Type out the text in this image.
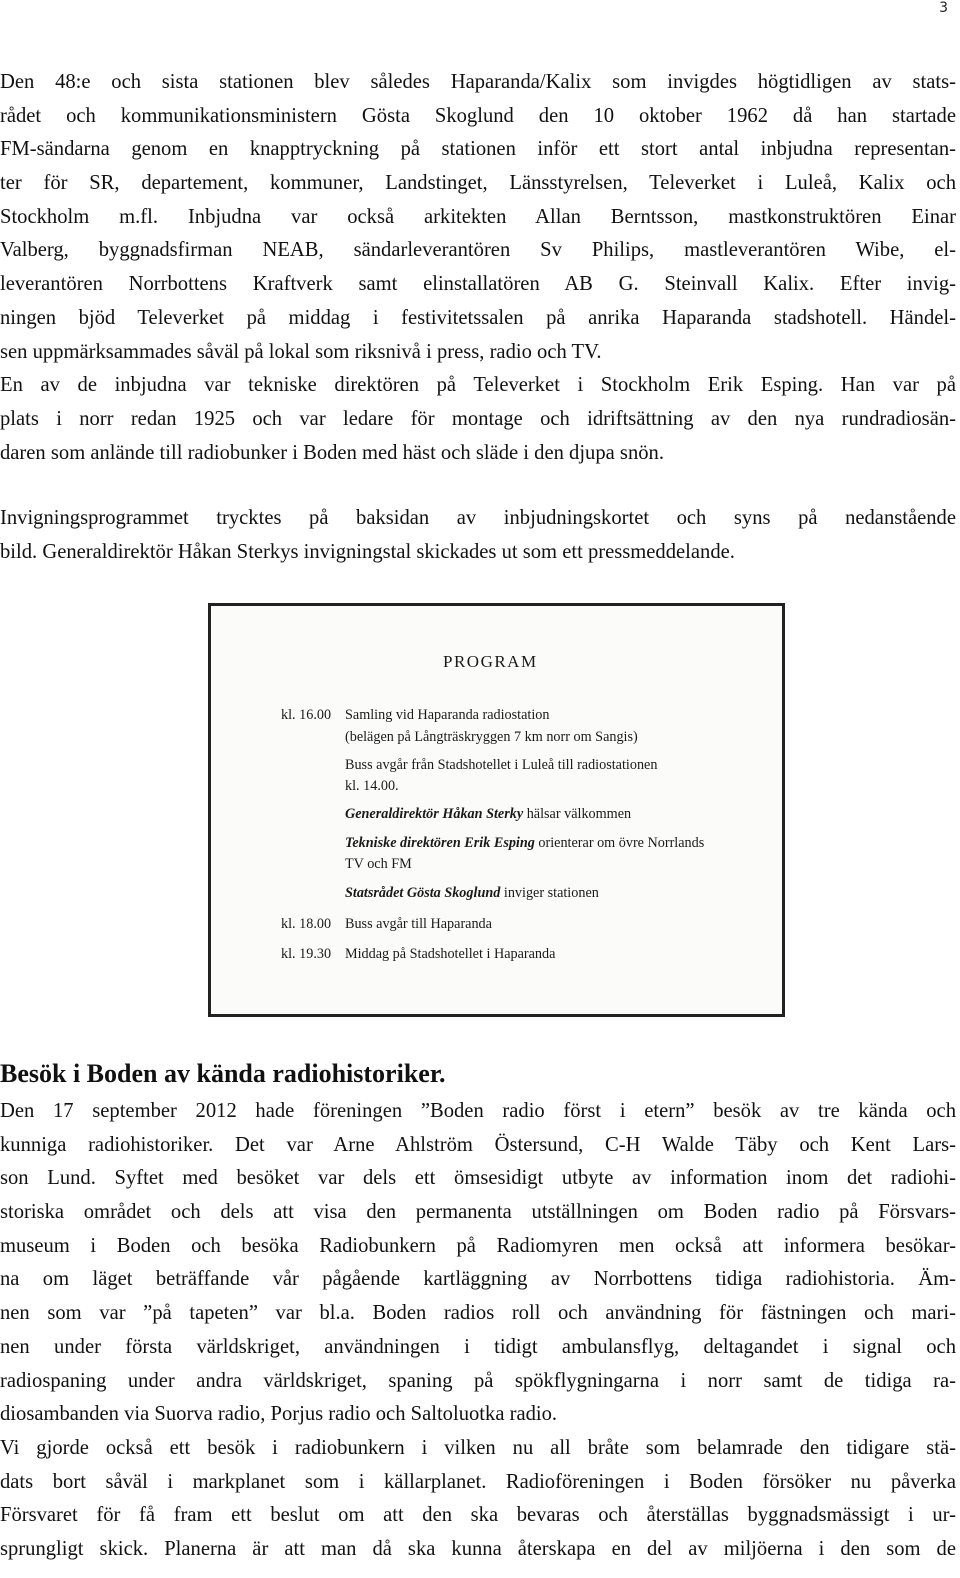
3
Den 48:e och sista stationen blev således Haparanda/Kalix som invigdes högtidligen av stats-
rådet och kommunikationsministern Gösta Skoglund den 10 oktober 1962 då han startade
FM-sändarna genom en knapptryckning på stationen inför ett stort antal inbjudna representan-
ter för SR, departement, kommuner, Landstinget, Länsstyrelsen, Televerket i Luleå, Kalix och
Stockholm m.fl. Inbjudna var också arkitekten Allan Berntsson, mastkonstruktören Einar
Valberg, byggnadsfirman NEAB, sändarleverantören Sv Philips, mastleverantören Wibe, el-
leverantören Norrbottens Kraftverk samt elinstallatören AB G. Steinvall Kalix. Efter invig-
ningen bjöd Televerket på middag i festivitetssalen på anrika Haparanda stadshotell. Händel-
sen uppmärksammades såväl på lokal som riksnivå i press, radio och TV.
En av de inbjudna var tekniske direktören på Televerket i Stockholm Erik Esping. Han var på
plats i norr redan 1925 och var ledare för montage och idriftsättning av den nya rundradiosän-
daren som anlände till radiobunker i Boden med häst och släde i den djupa snön.
Invigningsprogrammet trycktes på baksidan av inbjudningskortet och syns på nedanstående
bild. Generaldirektör Håkan Sterkys invigningstal skickades ut som ett pressmeddelande.
PROGRAM
kl. 16.00 Samling vid Haparanda radiostation
(belägen på Långträskryggen 7 km norr om Sangis)
Buss avgår från Stadshotellet i Luleå till radiostationen
kl. 14.00.
Generaldirektör Håkan Sterky hälsar välkommen
Tekniske direktören Erik Esping orienterar om övre Norrlands
TV och FM
Statsrådet Gösta Skoglund inviger stationen
kl. 18.00 Buss avgår till Haparanda
kl. 19.30 Middag på Stadshotellet i Haparanda
Besök i Boden av kända radiohistoriker.
Den 17 september 2012 hade föreningen ”Boden radio först i etern” besök av tre kända och
kunniga radiohistoriker. Det var Arne Ahlström Östersund, C-H Walde Täby och Kent Lars-
son Lund. Syftet med besöket var dels ett ömsesidigt utbyte av information inom det radiohi-
storiska området och dels att visa den permanenta utställningen om Boden radio på Försvars-
museum i Boden och besöka Radiobunkern på Radiomyren men också att informera besökar-
na om läget beträffande vår pågående kartläggning av Norrbottens tidiga radiohistoria. Äm-
nen som var ”på tapeten” var bl.a. Boden radios roll och användning för fästningen och mari-
nen under första världskriget, användningen i tidigt ambulansflyg, deltagandet i signal och
radiospaning under andra världskriget, spaning på spökflygningarna i norr samt de tidiga ra-
diosambanden via Suorva radio, Porjus radio och Saltoluotka radio.
Vi gjorde också ett besök i radiobunkern i vilken nu all bråte som belamrade den tidigare stä-
dats bort såväl i markplanet som i källarplanet. Radioföreningen i Boden försöker nu påverka
Försvaret för få fram ett beslut om att den ska bevaras och återställas byggnadsmässigt i ur-
sprungligt skick. Planerna är att man då ska kunna återskapa en del av miljöerna i den som de
